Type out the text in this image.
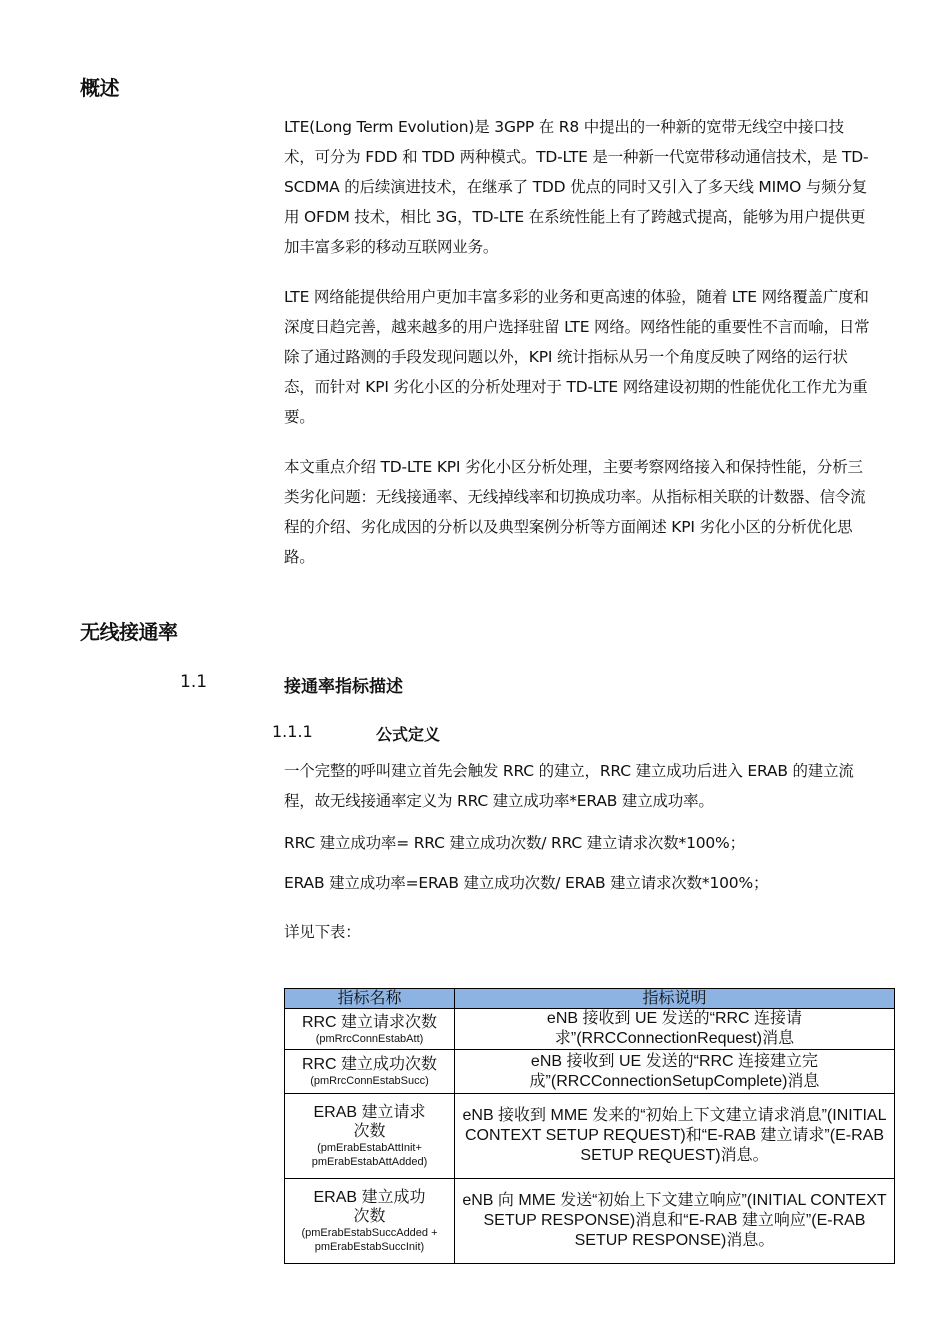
概述

LTE(Long Term Evolution)是 3GPP 在 R8 中提出的一种新的宽带无线空中接口技术，可分为 FDD 和 TDD 两种模式。TD-LTE 是一种新一代宽带移动通信技术，是 TD-SCDMA 的后续演进技术，在继承了 TDD 优点的同时又引入了多天线 MIMO 与频分复用 OFDM 技术，相比 3G，TD-LTE 在系统性能上有了跨越式提高，能够为用户提供更加丰富多彩的移动互联网业务。

LTE 网络能提供给用户更加丰富多彩的业务和更高速的体验，随着 LTE 网络覆盖广度和深度日趋完善，越来越多的用户选择驻留 LTE 网络。网络性能的重要性不言而喻，日常除了通过路测的手段发现问题以外，KPI 统计指标从另一个角度反映了网络的运行状态，而针对 KPI 劣化小区的分析处理对于 TD-LTE 网络建设初期的性能优化工作尤为重要。

本文重点介绍 TD-LTE KPI 劣化小区分析处理，主要考察网络接入和保持性能，分析三类劣化问题：无线接通率、无线掉线率和切换成功率。从指标相关联的计数器、信令流程的介绍、劣化成因的分析以及典型案例分析等方面阐述 KPI 劣化小区的分析优化思路。

无线接通率
1.1	接通率指标描述
1.1.1	公式定义

一个完整的呼叫建立首先会触发 RRC 的建立，RRC 建立成功后进入 ERAB 的建立流程，故无线接通率定义为 RRC 建立成功率*ERAB 建立成功率。

RRC 建立成功率= RRC 建立成功次数/ RRC 建立请求次数*100%；
ERAB 建立成功率=ERAB 建立成功次数/ ERAB 建立请求次数*100%；
详见下表：
指标名称	指标说明

RRC 建立请求次数
(pmRrcConnEstabAtt)	eNB 接收到 UE 发送的“RRC 连接请求”(RRCConnectionRequest)消息

RRC 建立成功次数
(pmRrcConnEstabSucc)	eNB 接收到 UE 发送的“RRC 连接建立完成”(RRCConnectionSetupComplete)消息

ERAB 建立请求次数
(pmErabEstabAttInit+ pmErabEstabAttAdded)	eNB 接收到 MME 发来的“初始上下文建立请求消息”(INITIAL CONTEXT SETUP REQUEST)和“E-RAB 建立请求”(E-RAB SETUP REQUEST)消息。

ERAB 建立成功次数
(pmErabEstabSuccAdded + pmErabEstabSuccInit)	eNB 向 MME 发送“初始上下文建立响应”(INITIAL CONTEXT SETUP RESPONSE)消息和“E-RAB 建立响应”(E-RAB SETUP RESPONSE)消息。
